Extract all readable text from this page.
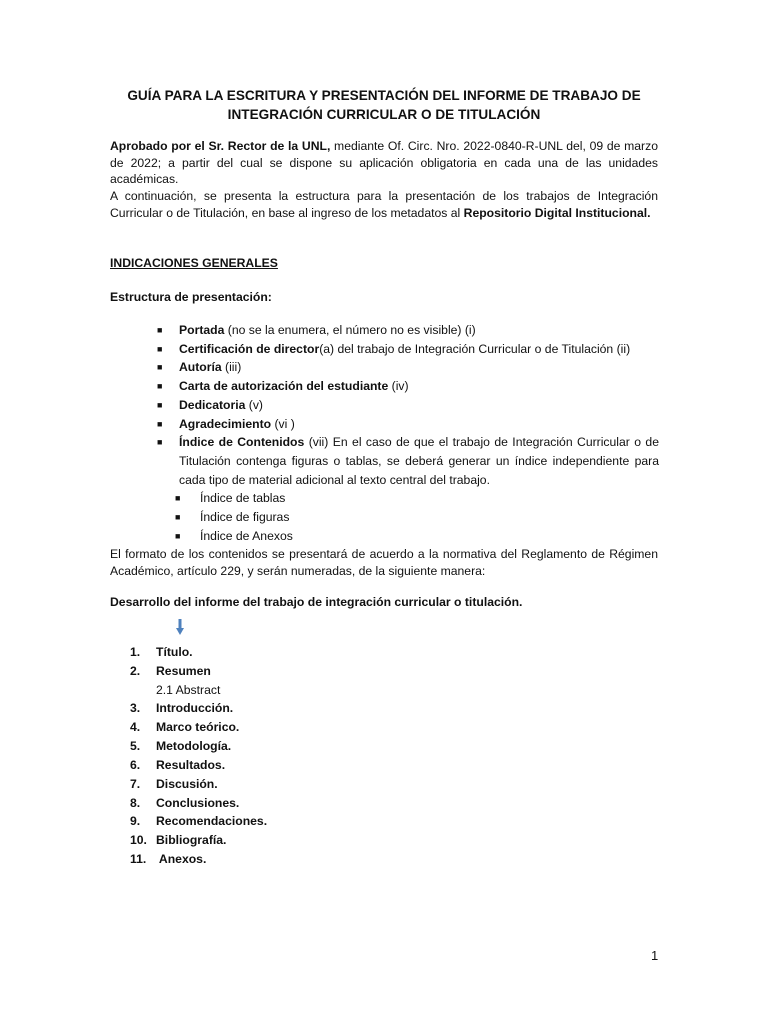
GUÍA PARA LA ESCRITURA Y PRESENTACIÓN DEL INFORME DE TRABAJO DE
INTEGRACIÓN CURRICULAR O DE TITULACIÓN
Aprobado por el Sr. Rector de la UNL, mediante Of. Circ. Nro. 2022-0840-R-UNL del, 09 de marzo de 2022; a partir del cual se dispone su aplicación obligatoria en cada una de las unidades académicas.
A continuación, se presenta la estructura para la presentación de los trabajos de Integración Curricular o de Titulación, en base al ingreso de los metadatos al Repositorio Digital Institucional.
INDICACIONES GENERALES
Estructura de presentación:
■ Portada (no se la enumera, el número no es visible) (i)
■ Certificación de director(a) del trabajo de Integración Curricular o de Titulación (ii)
■ Autoría (iii)
■ Carta de autorización del estudiante (iv)
■ Dedicatoria (v)
■ Agradecimiento (vi )
■ Índice de Contenidos (vii) En el caso de que el trabajo de Integración Curricular o de Titulación contenga figuras o tablas, se deberá generar un índice independiente para cada tipo de material adicional al texto central del trabajo.
■ Índice de tablas
■ Índice de figuras
■ Índice de Anexos
El formato de los contenidos se presentará de acuerdo a la normativa del Reglamento de Régimen Académico, artículo 229, y serán numeradas, de la siguiente manera:
Desarrollo del informe del trabajo de integración curricular o titulación.
1. Título.
2. Resumen
2.1 Abstract
3. Introducción.
4. Marco teórico.
5. Metodología.
6. Resultados.
7. Discusión.
8. Conclusiones.
9. Recomendaciones.
10. Bibliografía.
11. Anexos.
1
